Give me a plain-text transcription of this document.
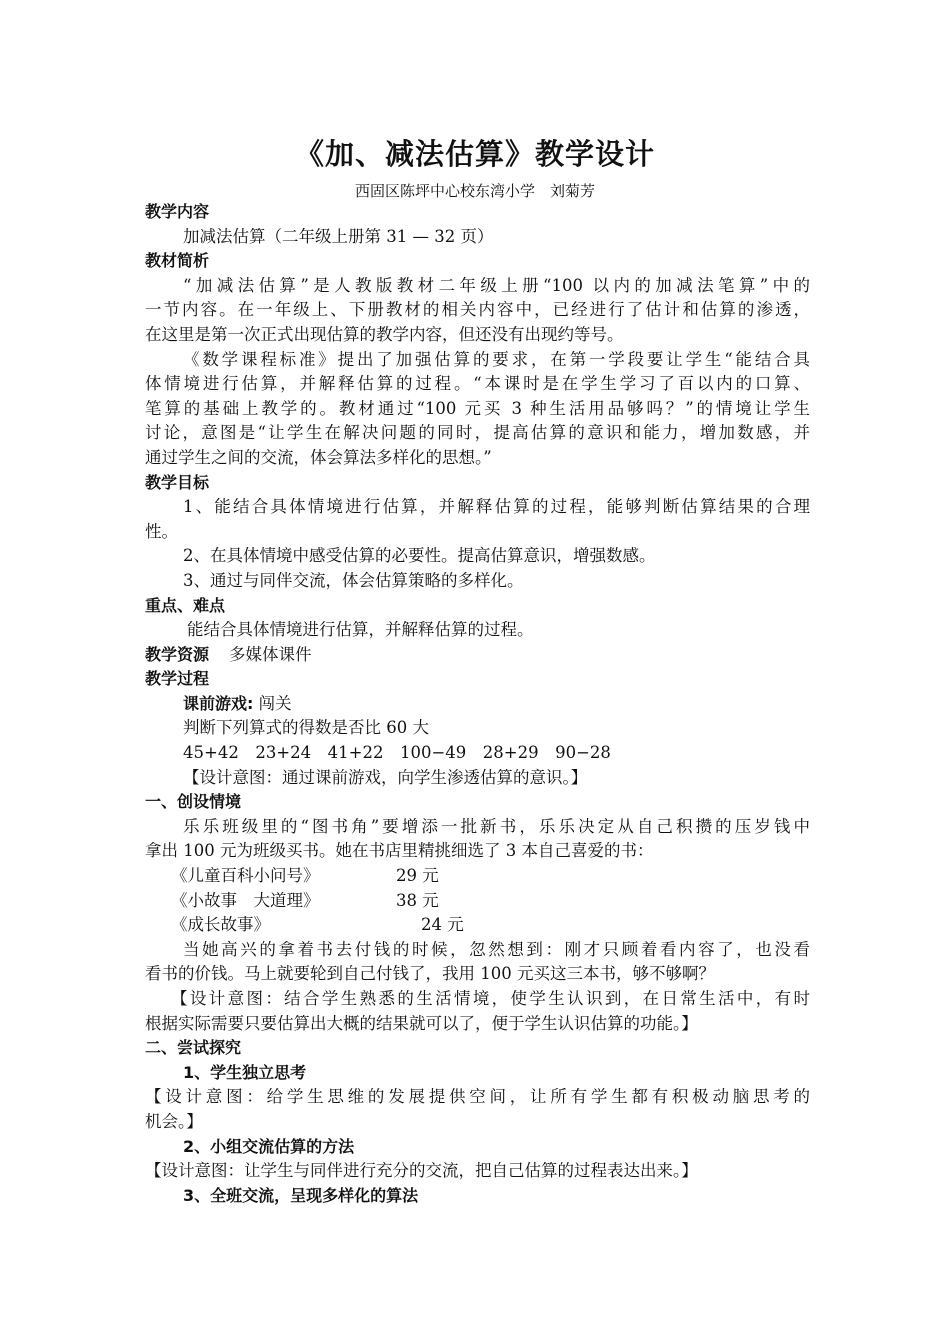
《加、减法估算》教学设计
西固区陈坪中心校东湾小学　刘菊芳
教学内容
加减法估算（二年级上册第 31 — 32 页）
教材简析
“加减法估算”是人教版教材二年级上册“100 以内的加减法笔算”中的
一节内容。在一年级上、下册教材的相关内容中，已经进行了估计和估算的渗透，
在这里是第一次正式出现估算的教学内容，但还没有出现约等号。
《数学课程标准》提出了加强估算的要求，在第一学段要让学生“能结合具
体情境进行估算，并解释估算的过程。“本课时是在学生学习了百以内的口算、
笔算的基础上教学的。教材通过“100 元买 3 种生活用品够吗？”的情境让学生
讨论，意图是“让学生在解决问题的同时，提高估算的意识和能力，增加数感，并
通过学生之间的交流，体会算法多样化的思想。”
教学目标
1、能结合具体情境进行估算，并解释估算的过程，能够判断估算结果的合理
性。
2、在具体情境中感受估算的必要性。提高估算意识，增强数感。
3、通过与同伴交流，体会估算策略的多样化。
重点、难点
能结合具体情境进行估算，并解释估算的过程。
教学资源 多媒体课件
教学过程
课前游戏: 闯关
判断下列算式的得数是否比 60 大
45+42　23+24　41+22　100−49　28+29　90−28
【设计意图：通过课前游戏，向学生渗透估算的意识。】
一、创设情境
乐乐班级里的“图书角”要增添一批新书，乐乐决定从自己积攒的压岁钱中
拿出 100 元为班级买书。她在书店里精挑细选了 3 本自己喜爱的书：
《儿童百科小问号》	29 元
《小故事　大道理》	38 元
《成长故事》	24 元
当她高兴的拿着书去付钱的时候，忽然想到：刚才只顾着看内容了，也没看
看书的价钱。马上就要轮到自己付钱了，我用 100 元买这三本书，够不够啊？
【设计意图：结合学生熟悉的生活情境，使学生认识到，在日常生活中，有时
根据实际需要只要估算出大概的结果就可以了，便于学生认识估算的功能。】
二、尝试探究
1、学生独立思考
【设计意图：给学生思维的发展提供空间，让所有学生都有积极动脑思考的
机会。】
2、小组交流估算的方法
【设计意图：让学生与同伴进行充分的交流，把自己估算的过程表达出来。】
3、全班交流，呈现多样化的算法
